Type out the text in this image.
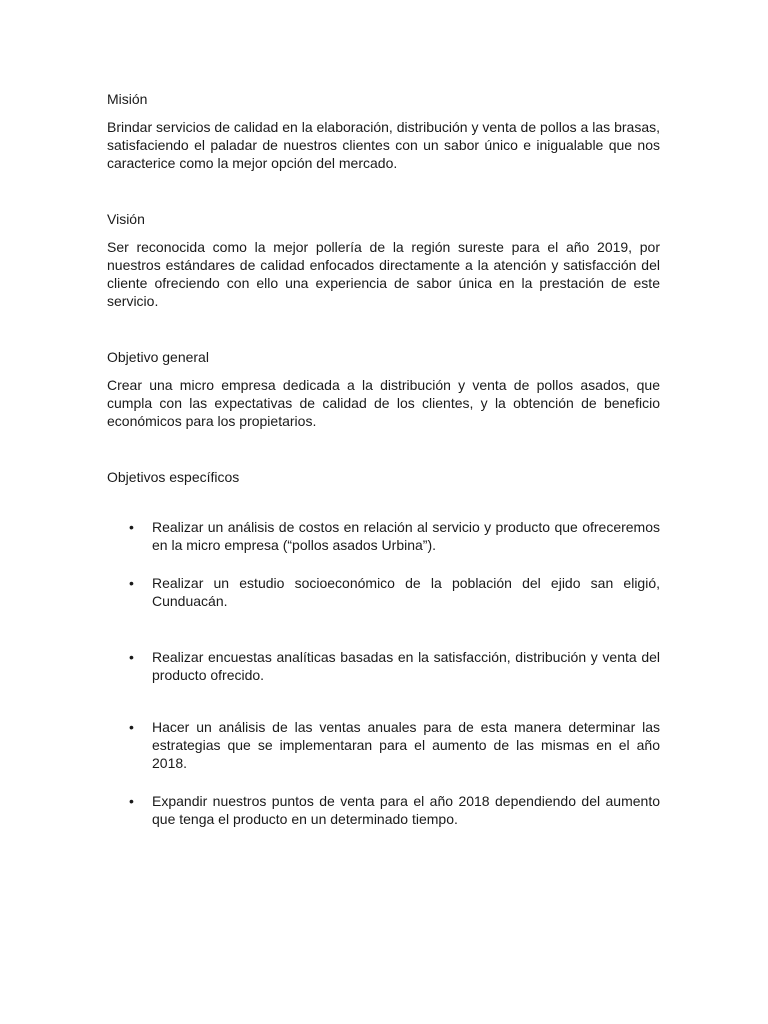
Misión

Brindar servicios de calidad en la elaboración, distribución y venta de pollos a las brasas, satisfaciendo el paladar de nuestros clientes con un sabor único e inigualable que nos caracterice como la mejor opción del mercado.

Visión

Ser reconocida como la mejor pollería de la región sureste para el año 2019, por nuestros estándares de calidad enfocados directamente a la atención y satisfacción del cliente ofreciendo con ello una experiencia de sabor única en la prestación de este servicio.

Objetivo general

Crear una micro empresa dedicada a la distribución y venta de pollos asados, que cumpla con las expectativas de calidad de los clientes, y la obtención de beneficio económicos para los propietarios.

Objetivos específicos
• Realizar un análisis de costos en relación al servicio y producto que ofreceremos en la micro empresa (“pollos asados Urbina”).

• Realizar un estudio socioeconómico de la población del ejido san eligió, Cunduacán.

• Realizar encuestas analíticas basadas en la satisfacción, distribución y venta del producto ofrecido.

• Hacer un análisis de las ventas anuales para de esta manera determinar las estrategias que se implementaran para el aumento de las mismas en el año 2018.

• Expandir nuestros puntos de venta para el año 2018 dependiendo del aumento que tenga el producto en un determinado tiempo.
